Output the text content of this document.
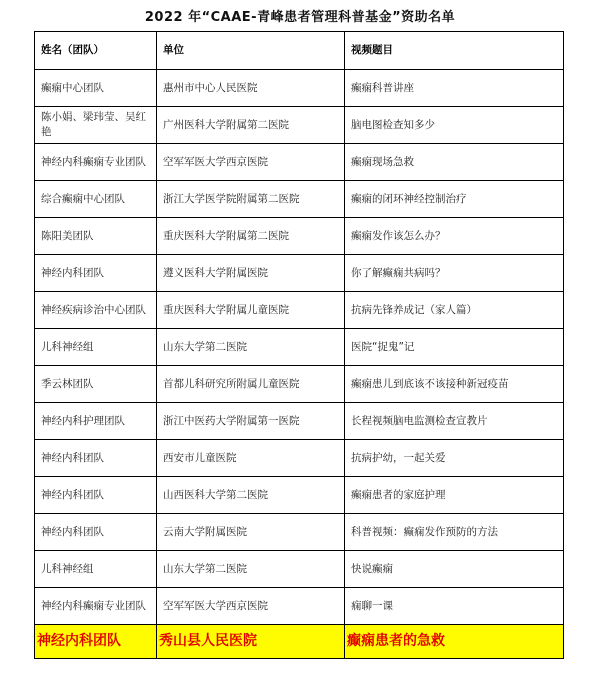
2022 年“CAAE-青峰患者管理科普基金”资助名单
姓名（团队）	单位	视频题目
癫痫中心团队	惠州市中心人民医院	癫痫科普讲座
陈小娟、梁玮莹、吴红艳	广州医科大学附属第二医院	脑电图检查知多少
神经内科癫痫专业团队	空军军医大学西京医院	癫痫现场急救
综合癫痫中心团队	浙江大学医学院附属第二医院	癫痫的闭环神经控制治疗
陈阳美团队	重庆医科大学附属第二医院	癫痫发作该怎么办？
神经内科团队	遵义医科大学附属医院	你了解癫痫共病吗？
神经疾病诊治中心团队	重庆医科大学附属儿童医院	抗病先锋养成记（家人篇）
儿科神经组	山东大学第二医院	医院“捉鬼”记
季云林团队	首都儿科研究所附属儿童医院	癫痫患儿到底该不该接种新冠疫苗
神经内科护理团队	浙江中医药大学附属第一医院	长程视频脑电监测检查宣教片
神经内科团队	西安市儿童医院	抗病护幼，一起关爱
神经内科团队	山西医科大学第二医院	癫痫患者的家庭护理
神经内科团队	云南大学附属医院	科普视频：癫痫发作预防的方法
儿科神经组	山东大学第二医院	快说癫痫
神经内科癫痫专业团队	空军军医大学西京医院	痫聊一课
神经内科团队	秀山县人民医院	癫痫患者的急救
